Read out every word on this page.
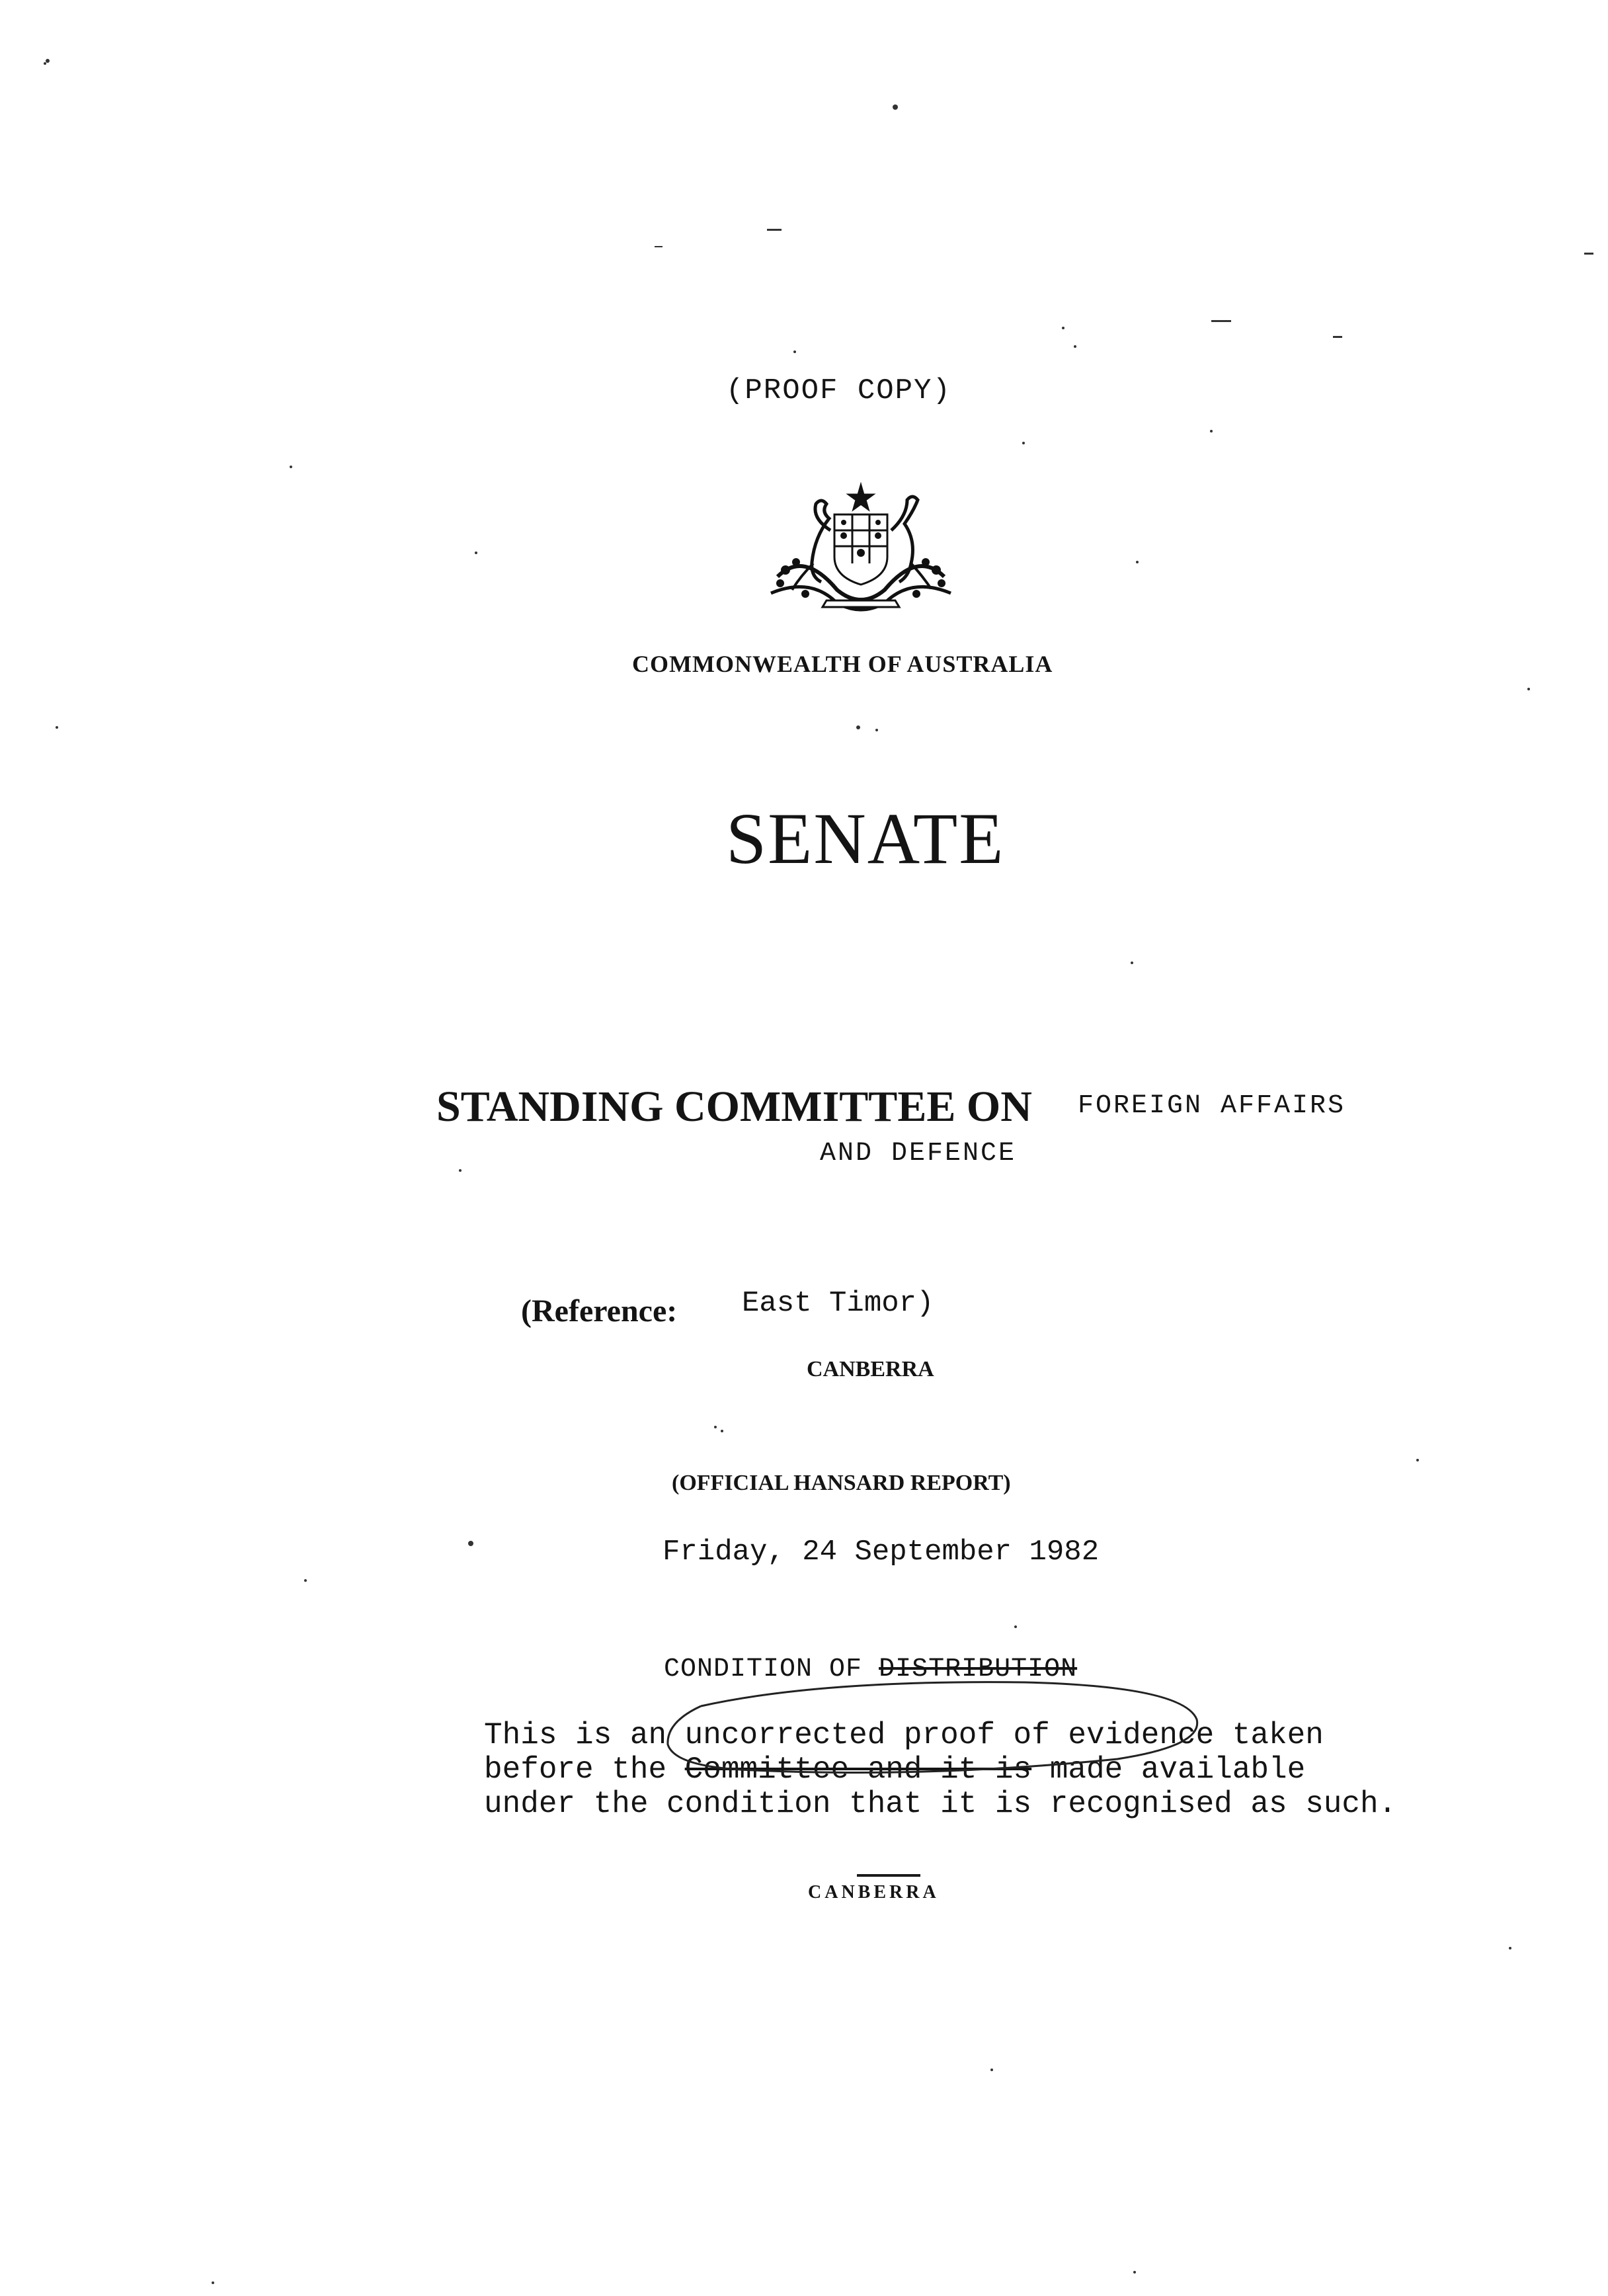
(PROOF COPY)
COMMONWEALTH OF AUSTRALIA
SENATE
STANDING COMMITTEE ON FOREIGN AFFAIRS
AND DEFENCE
(Reference: East Timor)
CANBERRA
(OFFICIAL HANSARD REPORT)
Friday, 24 September 1982
CONDITION OF DISTRIBUTION
This is an uncorrected proof of evidence taken
before the Committee and it is made available
under the condition that it is recognised as such.
CANBERRA
